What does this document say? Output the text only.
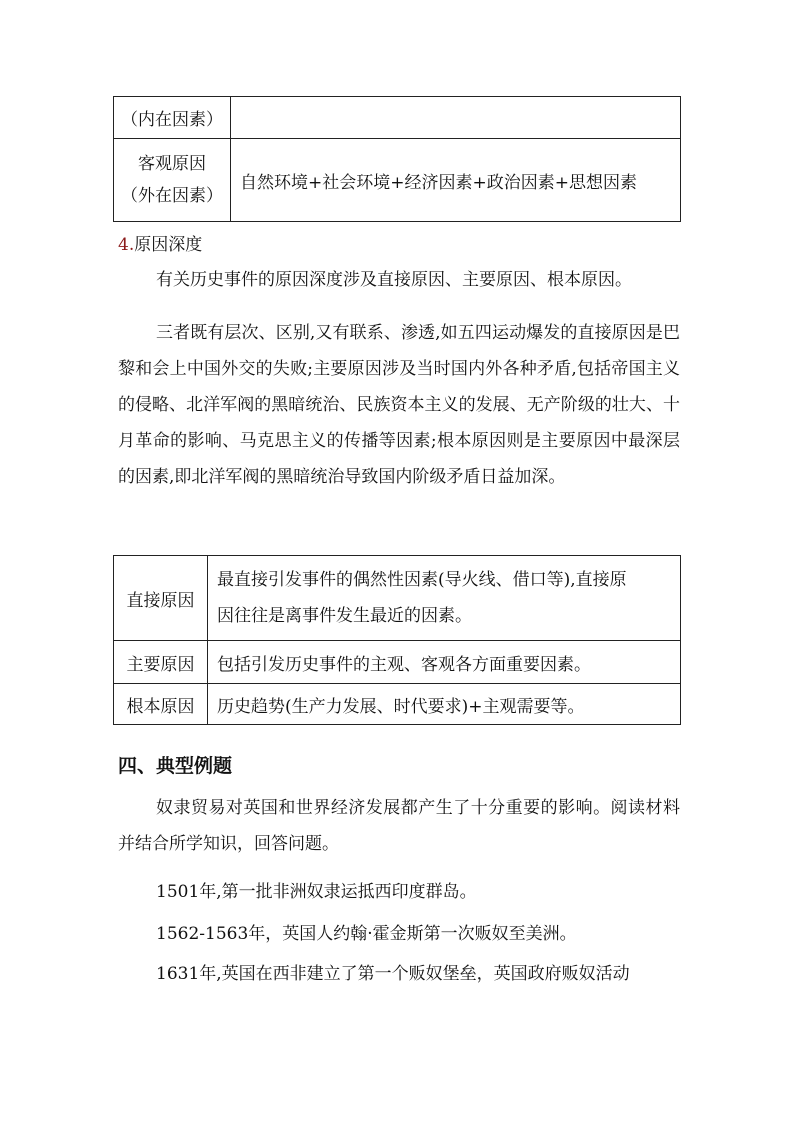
（内在因素）	

客观原因
（外在因素）	自然环境+社会环境+经济因素+政治因素+思想因素
4.原因深度

有关历史事件的原因深度涉及直接原因、主要原因、根本原因。

三者既有层次、区别,又有联系、渗透,如五四运动爆发的直接原因是巴黎和会上中国外交的失败;主要原因涉及当时国内外各种矛盾,包括帝国主义的侵略、北洋军阀的黑暗统治、民族资本主义的发展、无产阶级的壮大、十月革命的影响、马克思主义的传播等因素;根本原因则是主要原因中最深层的因素,即北洋军阀的黑暗统治导致国内阶级矛盾日益加深。

直接原因	最直接引发事件的偶然性因素(导火线、借口等),直接原
因往往是离事件发生最近的因素。

主要原因	包括引发历史事件的主观、客观各方面重要因素。
根本原因	历史趋势(生产力发展、时代要求)+主观需要等。
四、典型例题

奴隶贸易对英国和世界经济发展都产生了十分重要的影响。阅读材料并结合所学知识，回答问题。

1501年,第一批非洲奴隶运抵西印度群岛。
1562-1563年，英国人约翰·霍金斯第一次贩奴至美洲。
1631年,英国在西非建立了第一个贩奴堡垒，英国政府贩奴活动
